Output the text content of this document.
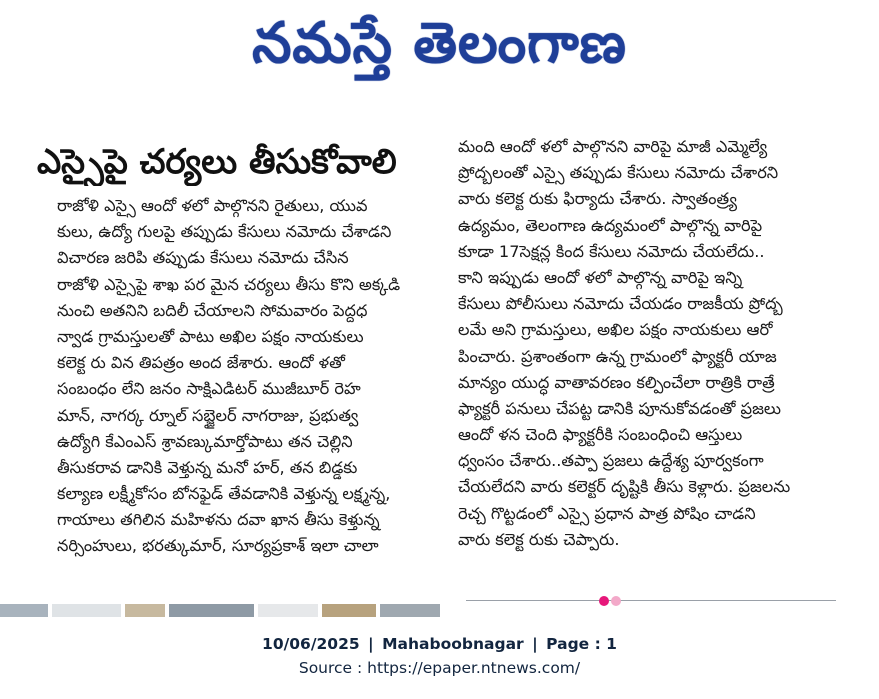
నమస్తే తెలంగాణ
ఎస్సైపై చర్యలు తీసుకోవాలి
రాజోళి ఎస్సై ఆందో ళలో పాల్గొనని రైతులు, యువ
కులు, ఉద్యో గులపై తప్పుడు కేసులు నమోదు చేశాడని
విచారణ జరిపి తప్పుడు కేసులు నమోదు చేసిన
రాజోళి ఎస్సైపై శాఖ పర మైన చర్యలు తీసు కొని అక్కడి
నుంచి అతనిని బదిలీ చేయాలని సోమవారం పెద్దధ
న్వాడ గ్రామస్తులతో పాటు అఖిల పక్షం నాయకులు
కలెక్ట రు విన తిపత్రం అంద జేశారు. ఆందో ళతో
సంబంధం లేని జనం సాక్షిఎడిటర్ ముజీబూర్ రెహ
మాన్, నాగర్క ర్నూల్ సబ్జైలర్ నాగరాజు, ప్రభుత్వ
ఉద్యోగి కేఎంఎస్ శ్రావణ్కుమార్తోపాటు తన చెల్లిని
తీసుకరావ డానికి వెళ్తున్న మనో హర్, తన బిడ్డకు
కల్యాణ లక్ష్మీకోసం బోనఫైడ్ తేవడానికి వెళ్తున్న లక్ష్మన్న,
గాయాలు తగిలిన మహిళను దవా ఖాన తీసు కెళ్తున్న
నర్సింహులు, భరత్కుమార్, సూర్యప్రకాశ్ ఇలా చాలా
మంది ఆందో ళలో పాల్గొనని వారిపై మాజీ ఎమ్మెల్యే
ప్రోద్బలంతో ఎస్సై తప్పుడు కేసులు నమోదు చేశారని
వారు కలెక్ట రుకు ఫిర్యాదు చేశారు. స్వాతంత్ర్య
ఉద్యమం, తెలంగాణ ఉద్యమంలో పాల్గొన్న వారిపై
కూడా 17సెక్షన్ల కింద కేసులు నమోదు చేయలేదు..
కాని ఇప్పుడు ఆందో ళలో పాల్గొన్న వారిపై ఇన్ని
కేసులు పోలీసులు నమోదు చేయడం రాజకీయ ప్రోద్బ
లమే అని గ్రామస్తులు, అఖిల పక్షం నాయకులు ఆరో
పించారు. ప్రశాంతంగా ఉన్న గ్రామంలో ఫ్యాక్టరీ యాజ
మాన్యం యుద్ధ వాతావరణం కల్పించేలా రాత్రికి రాత్రే
ఫ్యాక్టరీ పనులు చేపట్ట డానికి పూనుకోవడంతో ప్రజలు
ఆందో ళన చెంది ఫ్యాక్టరీకి సంబంధించి ఆస్తులు
ధ్వంసం చేశారు..తప్పా ప్రజలు ఉద్దేశ్య పూర్వకంగా
చేయలేదని వారు కలెక్టర్ దృష్టికి తీసు కెళ్లారు. ప్రజలను
రెచ్చ గొట్టడంలో ఎస్సై ప్రధాన పాత్ర పోషిం చాడని
వారు కలెక్ట రుకు చెప్పారు.
10/06/2025 | Mahaboobnagar | Page : 1
Source : https://epaper.ntnews.com/
